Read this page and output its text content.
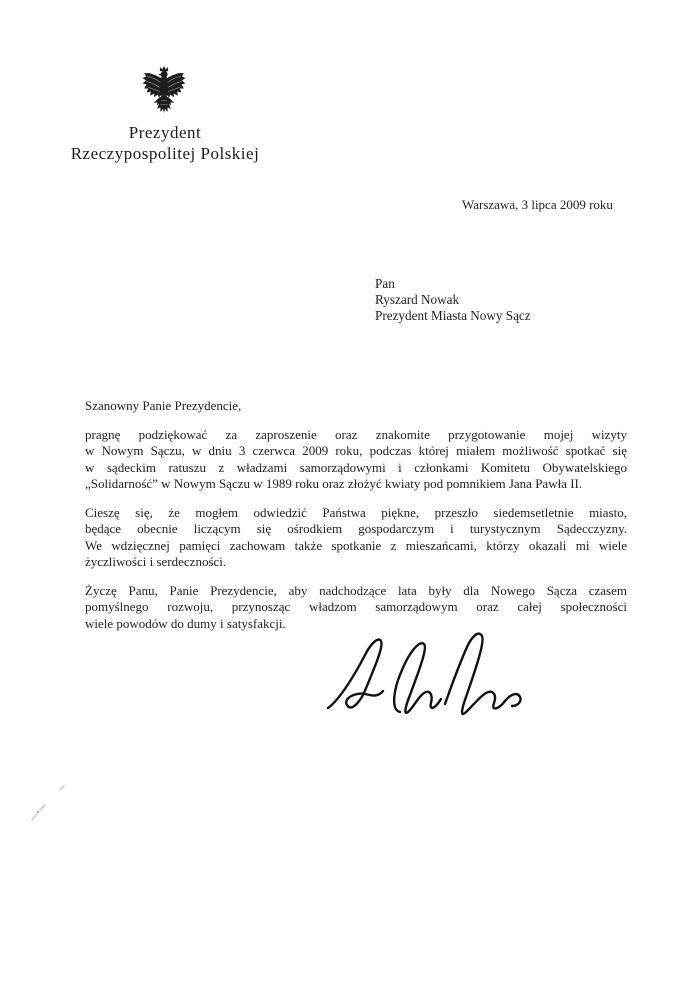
Prezydent
Rzeczypospolitej Polskiej
Warszawa, 3 lipca 2009 roku
Pan
Ryszard Nowak
Prezydent Miasta Nowy Sącz
Szanowny Panie Prezydencie,
pragnę podziękować za zaproszenie oraz znakomite przygotowanie mojej wizyty
w Nowym Sączu, w dniu 3 czerwca 2009 roku, podczas której miałem możliwość spotkać się
w sądeckim ratuszu z władzami samorządowymi i członkami Komitetu Obywatelskiego
„Solidarność” w Nowym Sączu w 1989 roku oraz złożyć kwiaty pod pomnikiem Jana Pawła II.
Cieszę się, że mogłem odwiedzić Państwa piękne, przeszło siedemsetletnie miasto,
będące obecnie liczącym się ośrodkiem gospodarczym i turystycznym Sądecczyzny.
We wdzięcznej pamięci zachowam także spotkanie z mieszańcami, którzy okazali mi wiele
życzliwości i serdeczności.
Życzę Panu, Panie Prezydencie, aby nadchodzące lata były dla Nowego Sącza czasem
pomyślnego rozwoju, przynosząc władzom samorządowym oraz całej społeczności
wiele powodów do dumy i satysfakcji.
